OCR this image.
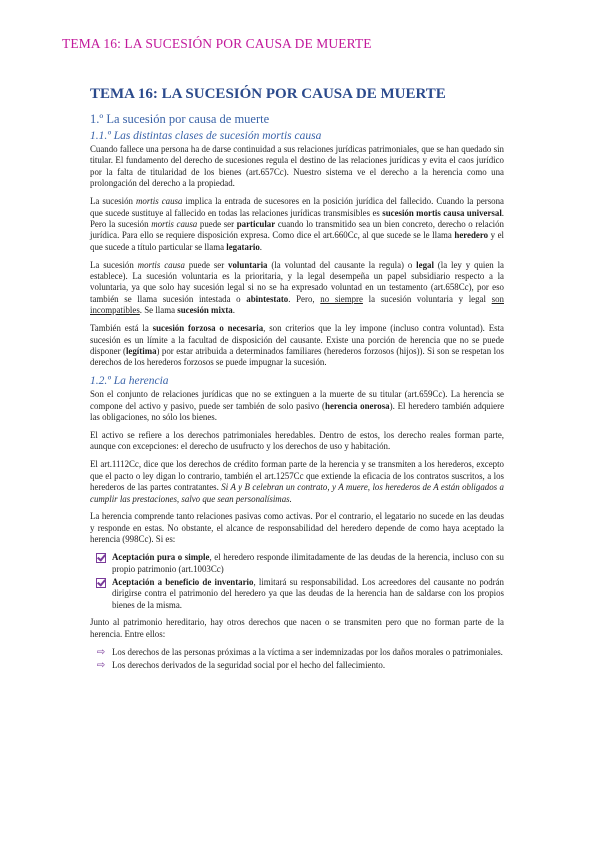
TEMA 16: LA SUCESIÓN POR CAUSA DE MUERTE
TEMA 16: LA SUCESIÓN POR CAUSA DE MUERTE
1.º La sucesión por causa de muerte
1.1.º Las distintas clases de sucesión mortis causa

Cuando fallece una persona ha de darse continuidad a sus relaciones jurídicas patrimoniales, que se han quedado sin titular. El fundamento del derecho de sucesiones regula el destino de las relaciones jurídicas y evita el caos jurídico por la falta de titularidad de los bienes (art.657Cc). Nuestro sistema ve el derecho a la herencia como una prolongación del derecho a la propiedad.

La sucesión mortis causa implica la entrada de sucesores en la posición jurídica del fallecido. Cuando la persona que sucede sustituye al fallecido en todas las relaciones jurídicas transmisibles es sucesión mortis causa universal. Pero la sucesión mortis causa puede ser particular cuando lo transmitido sea un bien concreto, derecho o relación jurídica. Para ello se requiere disposición expresa. Como dice el art.660Cc, al que sucede se le llama heredero y el que sucede a título particular se llama legatario.

La sucesión mortis causa puede ser voluntaria (la voluntad del causante la regula) o legal (la ley y quien la establece). La sucesión voluntaria es la prioritaria, y la legal desempeña un papel subsidiario respecto a la voluntaria, ya que solo hay sucesión legal si no se ha expresado voluntad en un testamento (art.658Cc), por eso también se llama sucesión intestada o abintestato. Pero, no siempre la sucesión voluntaria y legal son incompatibles. Se llama sucesión mixta.

También está la sucesión forzosa o necesaria, son criterios que la ley impone (incluso contra voluntad). Esta sucesión es un límite a la facultad de disposición del causante. Existe una porción de herencia que no se puede disponer (legítima) por estar atribuida a determinados familiares (herederos forzosos (hijos)). Si son se respetan los derechos de los herederos forzosos se puede impugnar la sucesión.

1.2.º La herencia

Son el conjunto de relaciones jurídicas que no se extinguen a la muerte de su titular (art.659Cc). La herencia se compone del activo y pasivo, puede ser también de solo pasivo (herencia onerosa). El heredero también adquiere las obligaciones, no sólo los bienes.

El activo se refiere a los derechos patrimoniales heredables. Dentro de estos, los derecho reales forman parte, aunque con excepciones: el derecho de usufructo y los derechos de uso y habitación.

El art.1112Cc, dice que los derechos de crédito forman parte de la herencia y se transmiten a los herederos, excepto que el pacto o ley digan lo contrario, también el art.1257Cc que extiende la eficacia de los contratos suscritos, a los herederos de las partes contratantes. Si A y B celebran un contrato, y A muere, los herederos de A están obligados a cumplir las prestaciones, salvo que sean personalísimas.

La herencia comprende tanto relaciones pasivas como activas. Por el contrario, el legatario no sucede en las deudas y responde en estas. No obstante, el alcance de responsabilidad del heredero depende de como haya aceptado la herencia (998Cc). Si es:

Aceptación pura o simple, el heredero responde ilimitadamente de las deudas de la herencia, incluso con su propio patrimonio (art.1003Cc)
Aceptación a beneficio de inventario, limitará su responsabilidad. Los acreedores del causante no podrán dirigirse contra el patrimonio del heredero ya que las deudas de la herencia han de saldarse con los propios bienes de la misma.

Junto al patrimonio hereditario, hay otros derechos que nacen o se transmiten pero que no forman parte de la herencia. Entre ellos:

⇨ Los derechos de las personas próximas a la víctima a ser indemnizadas por los daños morales o patrimoniales.
⇨ Los derechos derivados de la seguridad social por el hecho del fallecimiento.
